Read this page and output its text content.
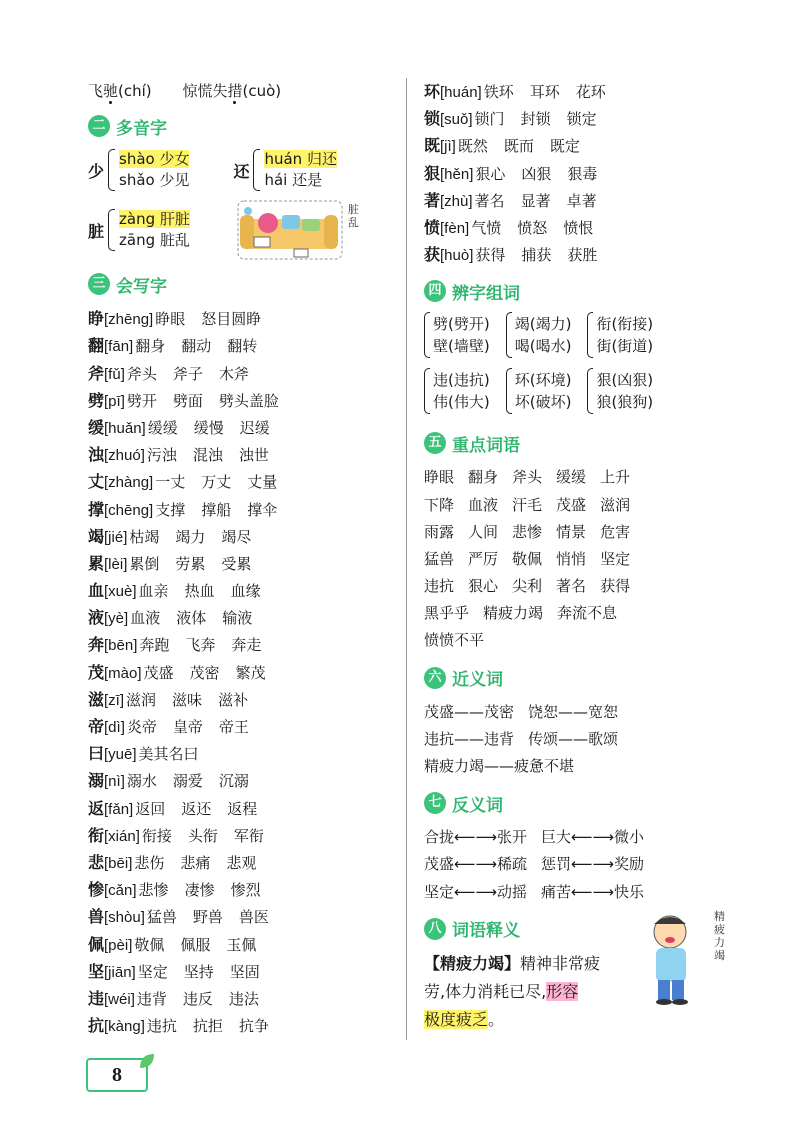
飞驰(chí) 惊慌失措(cuò)
二 多音字
少
shào 少女
shǎo 少见	还
huán 归还
hái 还是
脏
zàng 肝脏
zāng 脏乱
脏乱
三 会写字
睁[zhēng] 睁眼 怒目圆睁
翻[fān] 翻身 翻动 翻转
斧[fǔ] 斧头 斧子 木斧
劈[pī] 劈开 劈面 劈头盖脸
缓[huǎn] 缓缓 缓慢 迟缓
浊[zhuó] 污浊 混浊 浊世
丈[zhàng] 一丈 万丈 丈量
撑[chēng] 支撑 撑船 撑伞
竭[jié] 枯竭 竭力 竭尽
累[lèi] 累倒 劳累 受累
血[xuè] 血亲 热血 血缘
液[yè] 血液 液体 输液
奔[bēn] 奔跑 飞奔 奔走
茂[mào] 茂盛 茂密 繁茂
滋[zī] 滋润 滋味 滋补
帝[dì] 炎帝 皇帝 帝王
曰[yuē] 美其名曰
溺[nì] 溺水 溺爱 沉溺
返[fǎn] 返回 返还 返程
衔[xián] 衔接 头衔 军衔
悲[bēi] 悲伤 悲痛 悲观
惨[cǎn] 悲惨 凄惨 惨烈
兽[shòu] 猛兽 野兽 兽医
佩[pèi] 敬佩 佩服 玉佩
坚[jiān] 坚定 坚持 坚固
违[wéi] 违背 违反 违法
抗[kàng] 违抗 抗拒 抗争
环[huán] 铁环 耳环 花环
锁[suǒ] 锁门 封锁 锁定
既[jì] 既然 既而 既定
狠[hěn] 狠心 凶狠 狠毒
著[zhù] 著名 显著 卓著
愤[fèn] 气愤 愤怒 愤恨
获[huò] 获得 捕获 获胜
四 辨字组词
劈(劈开)
壁(墙壁)
竭(竭力)
喝(喝水)
衔(衔接)
街(街道)
违(违抗)
伟(伟大)
环(环境)
坏(破坏)
狠(凶狠)
狼(狼狗)
五 重点词语
睁眼 翻身 斧头 缓缓 上升
下降 血液 汗毛 茂盛 滋润
雨露 人间 悲惨 情景 危害
猛兽 严厉 敬佩 悄悄 坚定
违抗 狠心 尖利 著名 获得
黑乎乎 精疲力竭 奔流不息
愤愤不平
六 近义词
茂盛——茂密 饶恕——宽恕
违抗——违背 传颂——歌颂
精疲力竭——疲惫不堪
七 反义词
合拢⟵⟶张开 巨大⟵⟶微小
茂盛⟵⟶稀疏 惩罚⟵⟶奖励
坚定⟵⟶动摇 痛苦⟵⟶快乐
八 词语释义
【精疲力竭】精神非常疲
劳,体力消耗已尽,形容
极度疲乏。
精疲力竭
8
